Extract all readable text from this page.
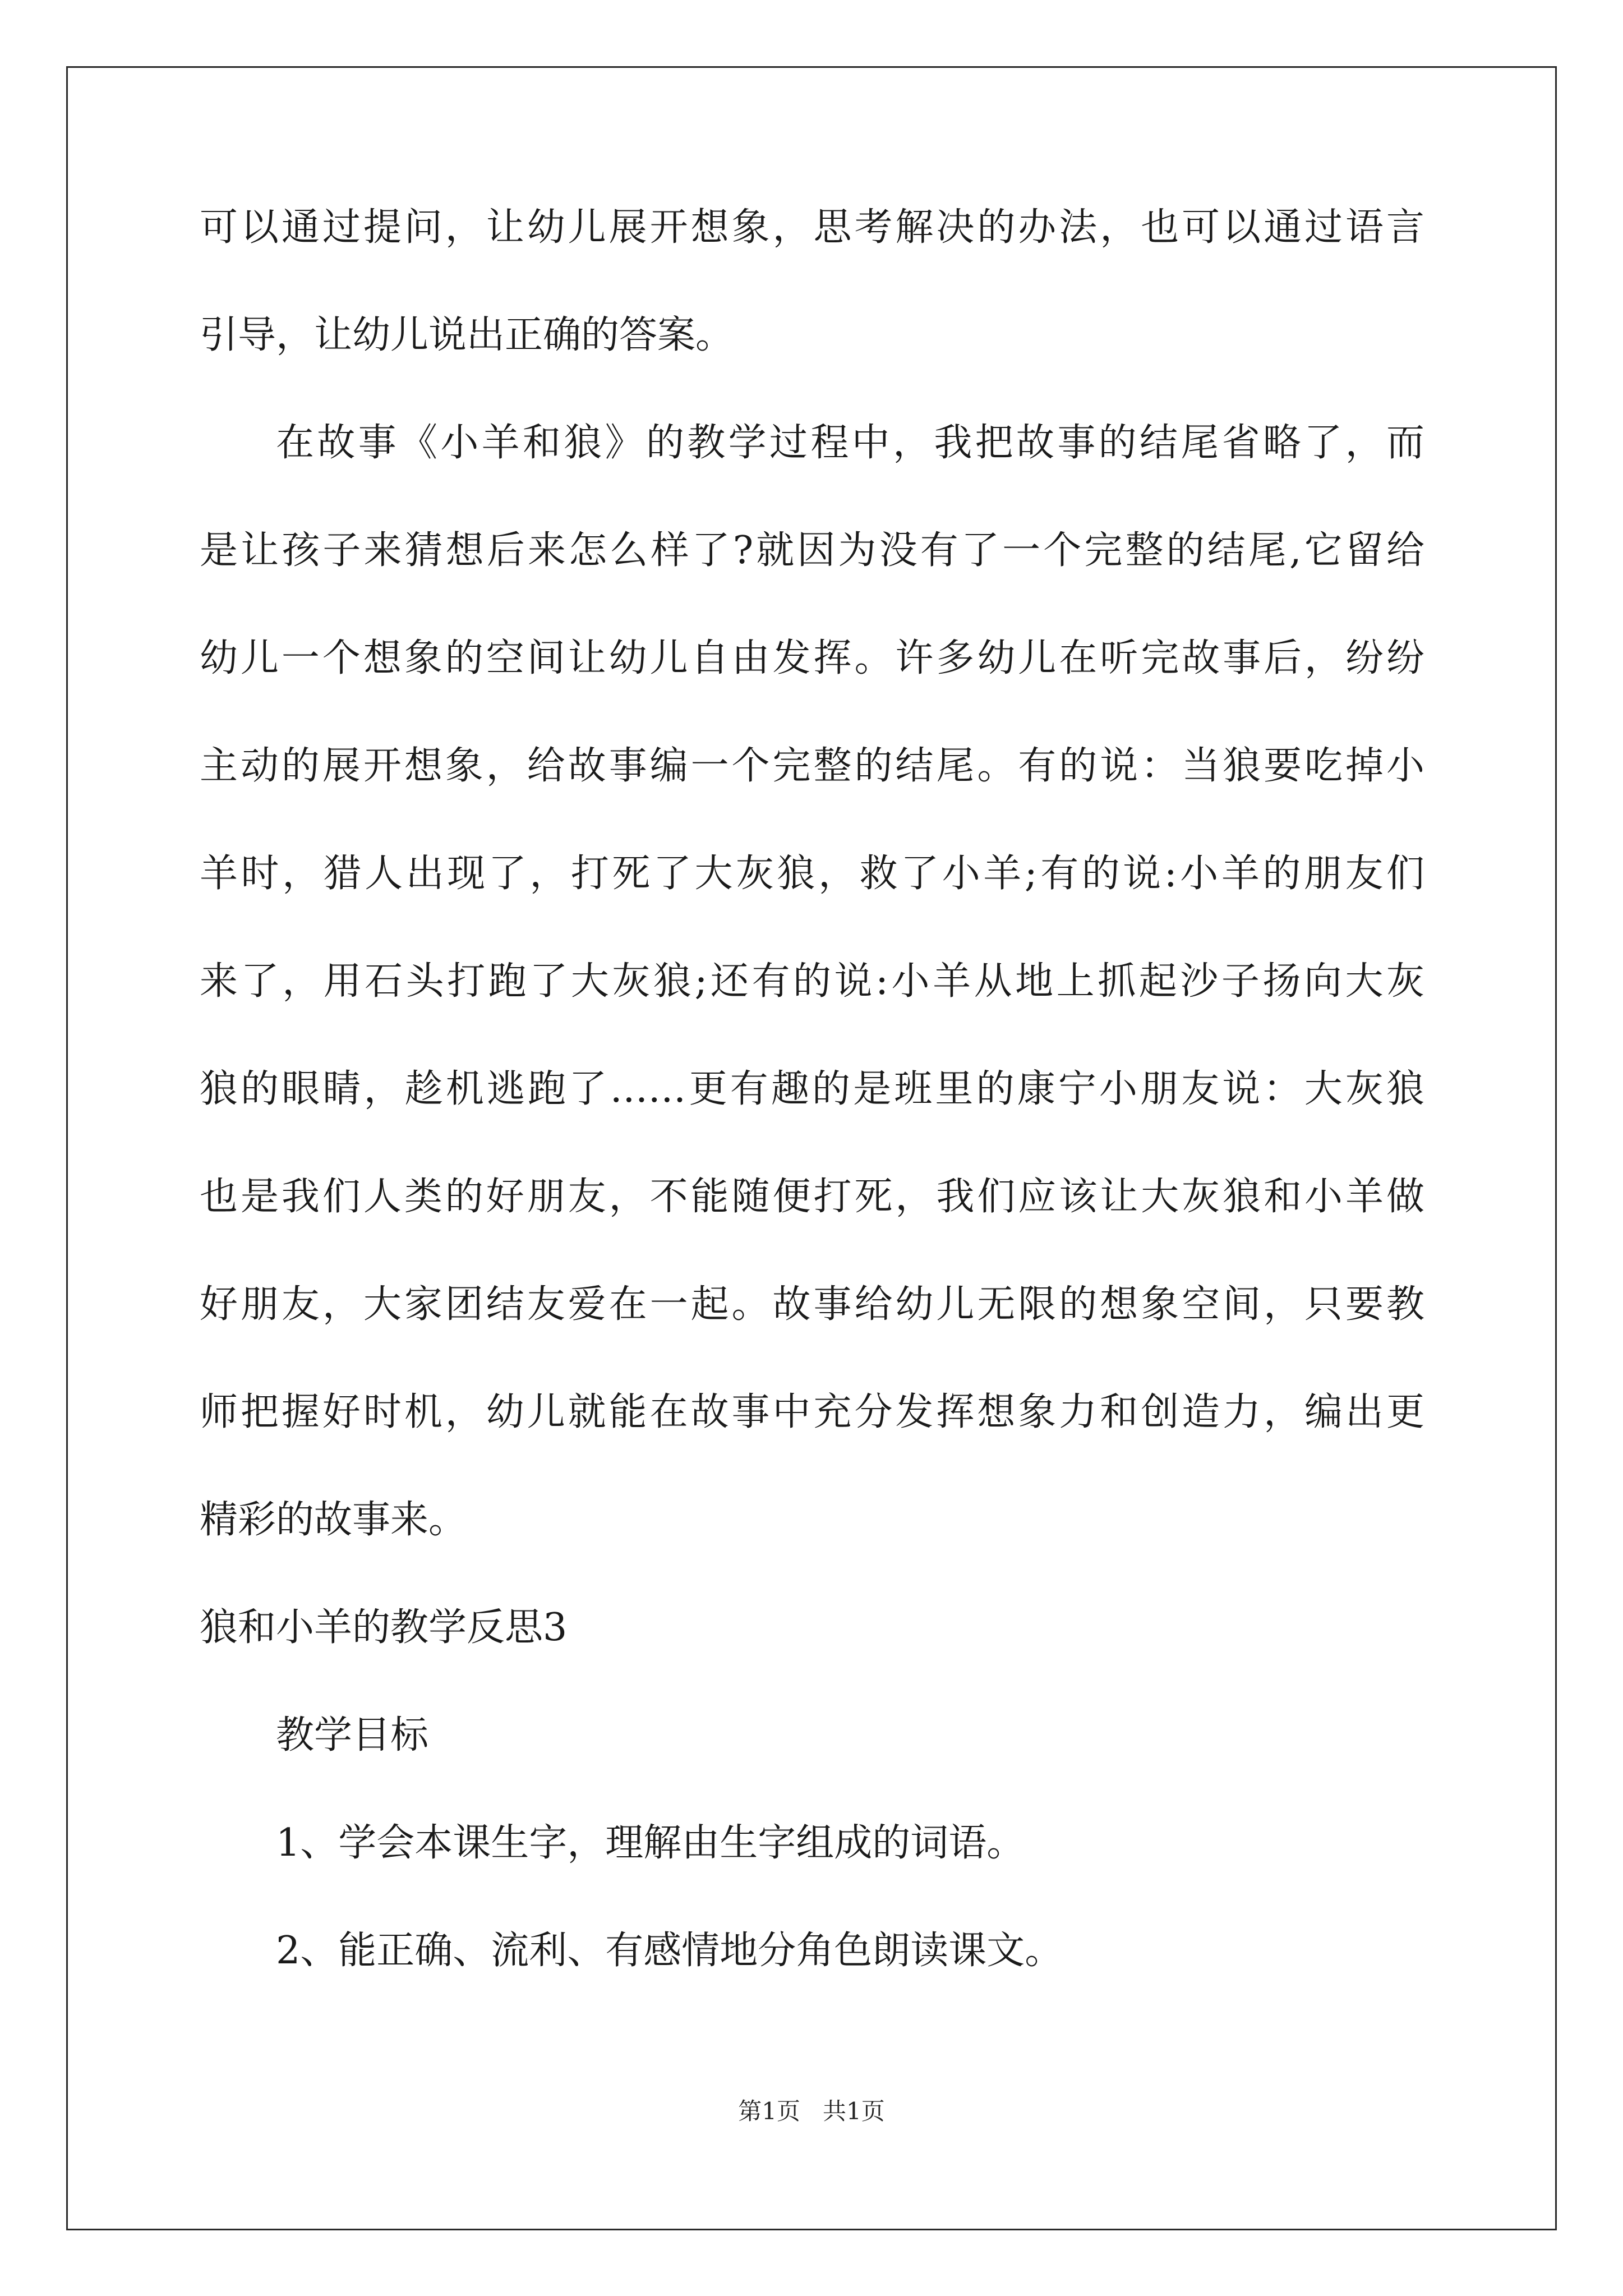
可以通过提问，让幼儿展开想象，思考解决的办法，也可以通过语言
引导，让幼儿说出正确的答案。
在故事《小羊和狼》的教学过程中，我把故事的结尾省略了，而
是让孩子来猜想后来怎么样了?就因为没有了一个完整的结尾,它留给
幼儿一个想象的空间让幼儿自由发挥。许多幼儿在听完故事后，纷纷
主动的展开想象，给故事编一个完整的结尾。有的说：当狼要吃掉小
羊时，猎人出现了，打死了大灰狼，救了小羊;有的说:小羊的朋友们
来了，用石头打跑了大灰狼;还有的说:小羊从地上抓起沙子扬向大灰
狼的眼睛，趁机逃跑了……更有趣的是班里的康宁小朋友说：大灰狼
也是我们人类的好朋友，不能随便打死，我们应该让大灰狼和小羊做
好朋友，大家团结友爱在一起。故事给幼儿无限的想象空间，只要教
师把握好时机，幼儿就能在故事中充分发挥想象力和创造力，编出更
精彩的故事来。
狼和小羊的教学反思3
教学目标
1、学会本课生字，理解由生字组成的词语。
2、能正确、流利、有感情地分角色朗读课文。
第1页   共1页
